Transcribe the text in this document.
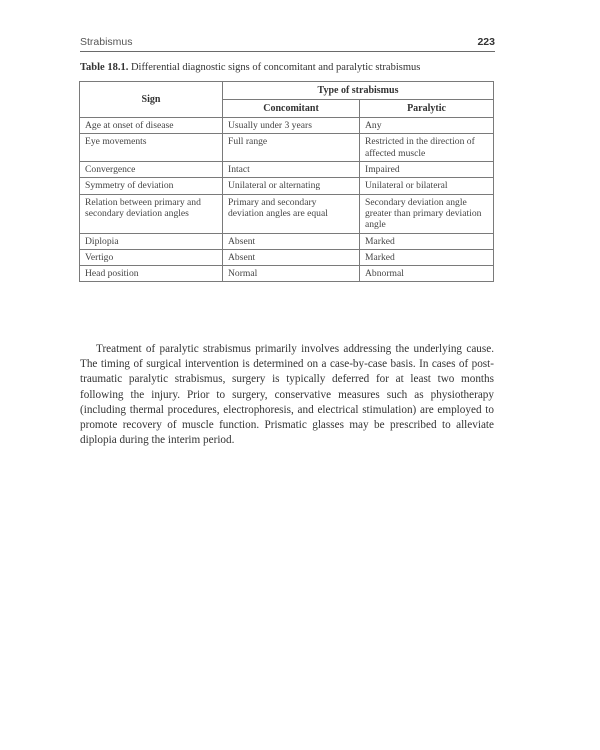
Strabismus	223
Table 18.1. Differential diagnostic signs of concomitant and paralytic strabismus
Sign	Type of strabismus	
	Concomitant	Paralytic
Age at onset of disease	Usually under 3 years	Any
Eye movements	Full range	Restricted in the direction of affected muscle
Convergence	Intact	Impaired
Symmetry of deviation	Unilateral or alternating	Unilateral or bilateral
Relation between primary and secondary deviation angles	Primary and secondary deviation angles are equal	Secondary deviation angle greater than primary deviation angle
Diplopia	Absent	Marked
Vertigo	Absent	Marked
Head position	Normal	Abnormal

Treatment of paralytic strabismus primarily involves addressing the underlying cause. The timing of surgical intervention is determined on a case-by-case basis. In cases of post-traumatic paralytic strabismus, surgery is typically deferred for at least two months following the injury. Prior to surgery, conservative measures such as physiotherapy (including thermal procedures, electrophoresis, and electrical stimulation) are employed to promote recovery of muscle function. Prismatic glasses may be prescribed to alleviate diplopia during the interim period.
